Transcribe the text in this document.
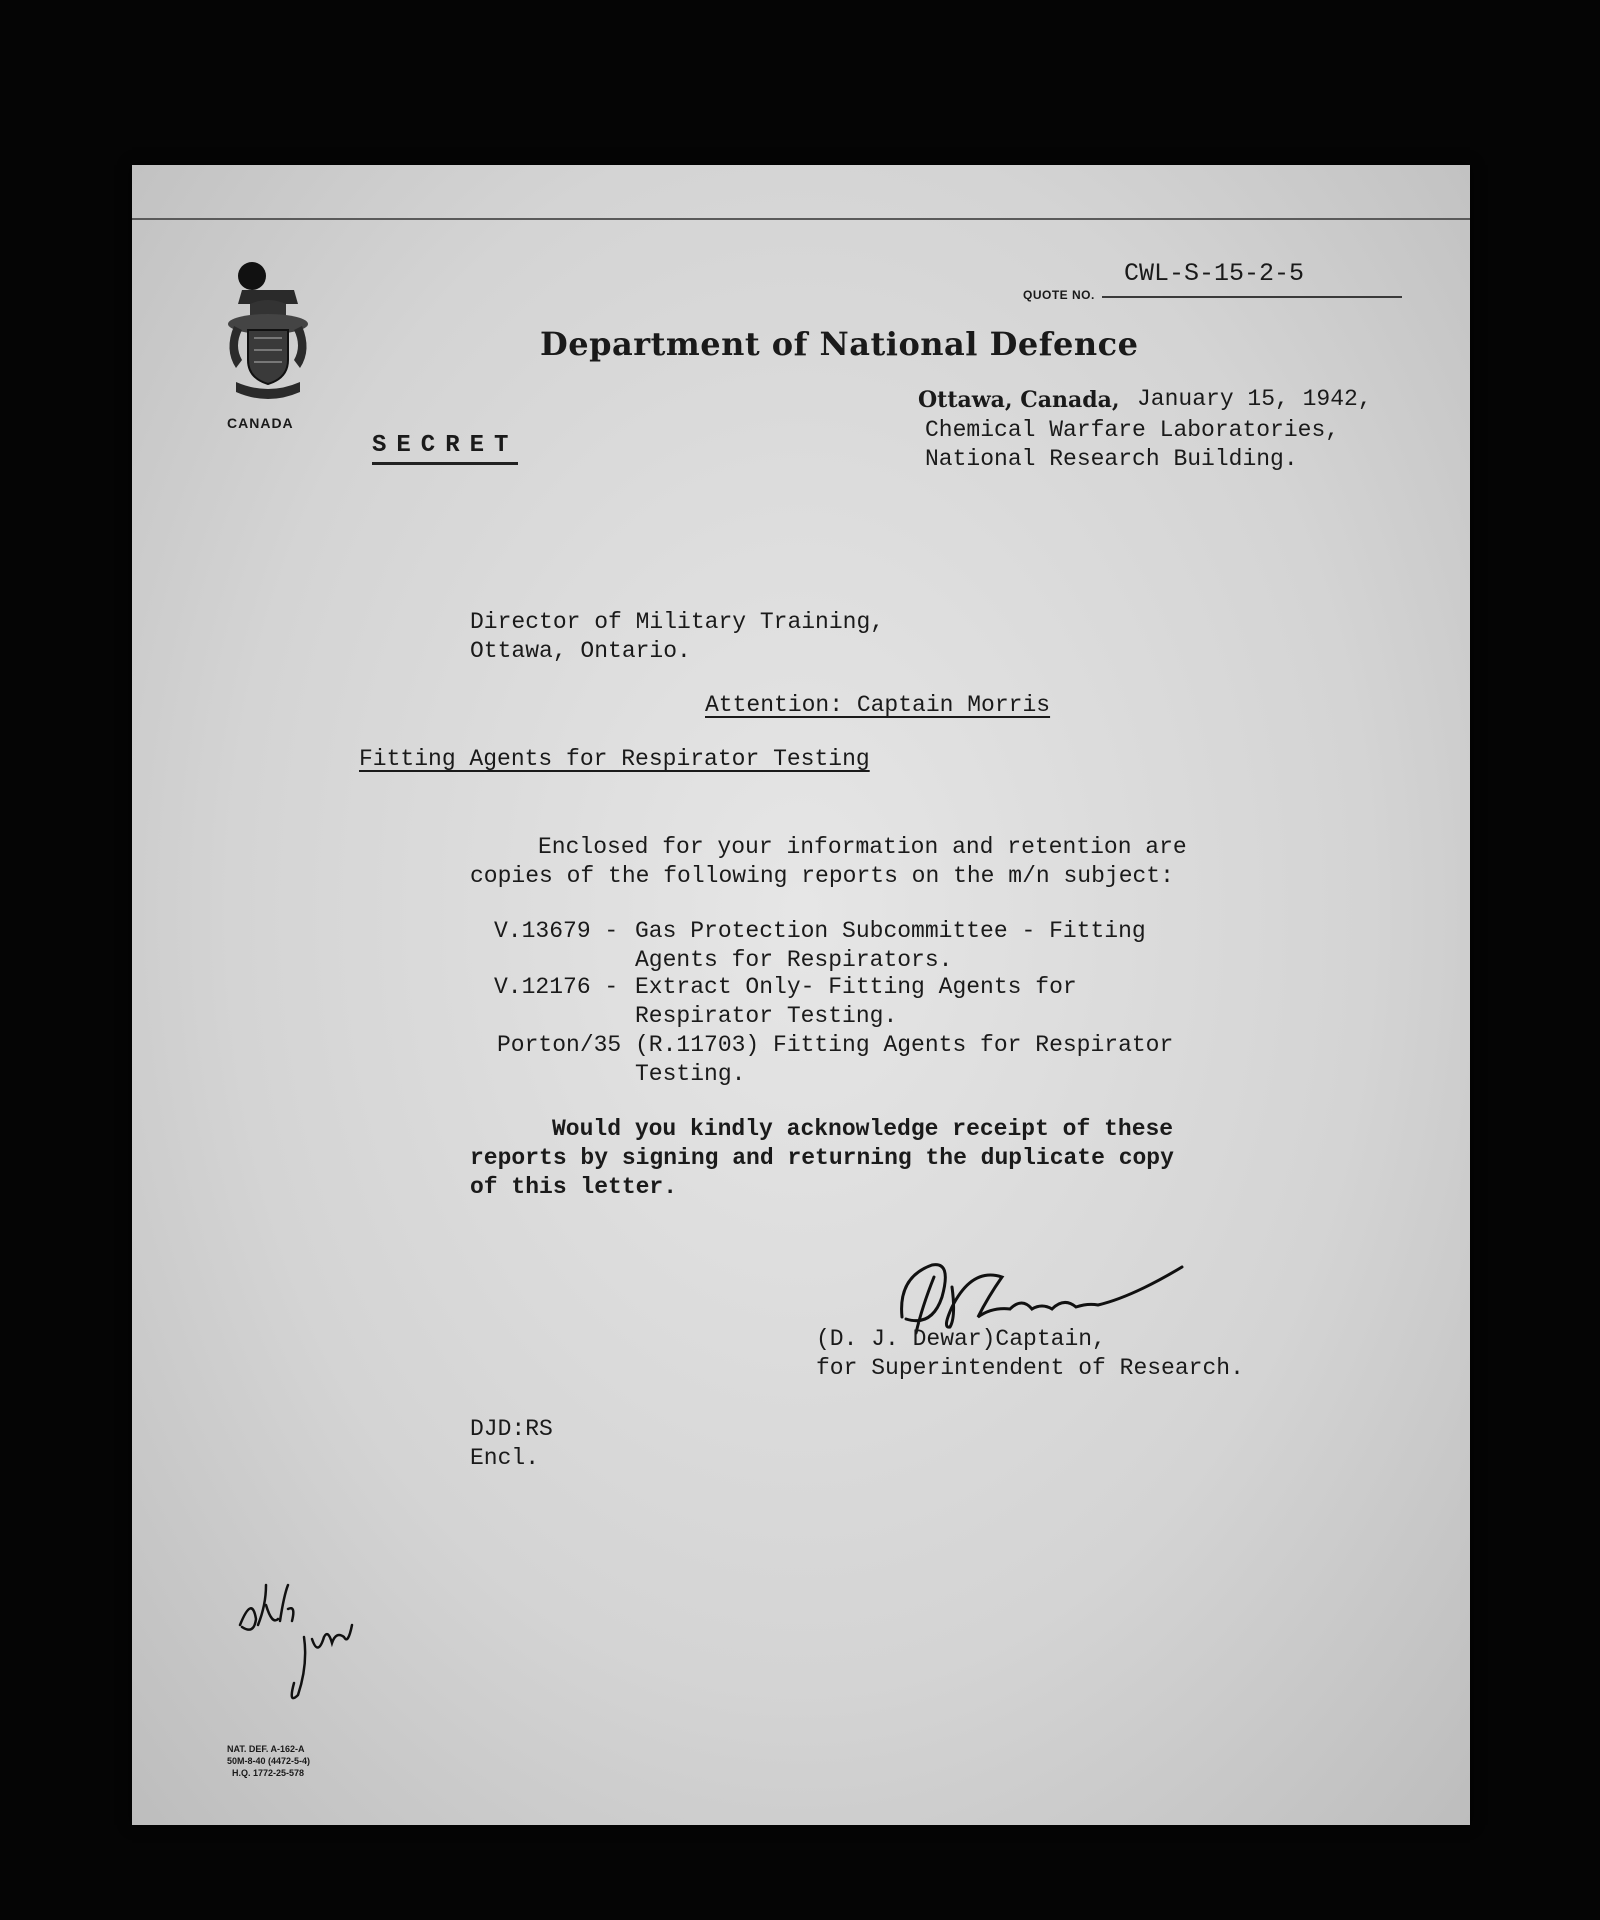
QUOTE NO.
CWL-S-15-2-5
CANADA
Department of National Defence
Ottawa, Canada, January 15, 1942,
Chemical Warfare Laboratories,
National Research Building.
SECRET
Director of Military Training,
Ottawa, Ontario.
Attention: Captain Morris
Fitting Agents for Respirator Testing
Enclosed for your information and retention are
copies of the following reports on the m/n subject:
V.13679 - Gas Protection Subcommittee - Fitting
Agents for Respirators.
V.12176 - Extract Only- Fitting Agents for
Respirator Testing.
Porton/35 (R.11703) Fitting Agents for Respirator
Testing.
Would you kindly acknowledge receipt of these
reports by signing and returning the duplicate copy
of this letter.
(D. J. Dewar)Captain,
for Superintendent of Research.
DJD:RS
Encl.
NAT. DEF. A-162-A
50M-8-40 (4472-5-4)
H.Q. 1772-25-578
